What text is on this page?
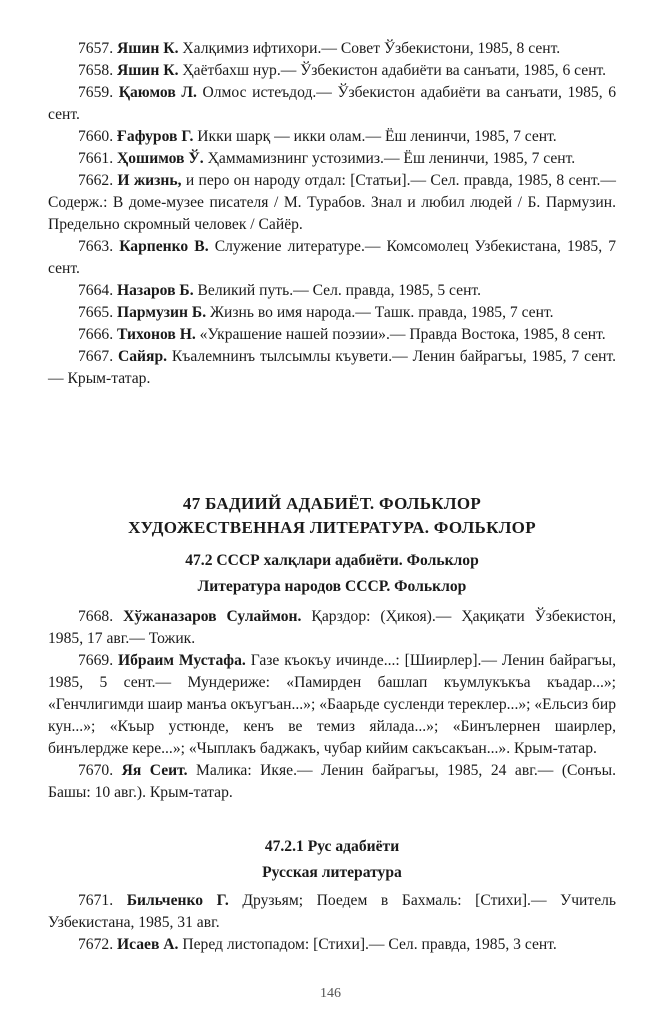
7657. Яшин К. Халқимиз ифтихори.— Совет Ўзбекистони, 1985, 8 сент.
7658. Яшин К. Ҳаётбахш нур.— Ўзбекистон адабиёти ва санъати, 1985, 6 сент.
7659. Қаюмов Л. Олмос истеъдод.— Ўзбекистон адабиёти ва санъати, 1985, 6 сент.
7660. Ғафуров Г. Икки шарқ — икки олам.— Ёш ленинчи, 1985, 7 сент.
7661. Ҳошимов Ў. Ҳаммамизнинг устозимиз.— Ёш ленинчи, 1985, 7 сент.
7662. И жизнь, и перо он народу отдал: [Статьи].— Сел. правда, 1985, 8 сент.— Содерж.: В доме-музее писателя / М. Турабов. Знал и любил людей / Б. Пармузин. Предельно скромный человек / Сайёр.
7663. Карпенко В. Служение литературе.— Комсомолец Узбекистана, 1985, 7 сент.
7664. Назаров Б. Великий путь.— Сел. правда, 1985, 5 сент.
7665. Пармузин Б. Жизнь во имя народа.— Ташк. правда, 1985, 7 сент.
7666. Тихонов Н. «Украшение нашей поэзии».— Правда Востока, 1985, 8 сент.
7667. Сайяр. Къалемнинъ тылсымлы къувети.— Ленин байрагъы, 1985, 7 сент.— Крым-татар.
47 БАДИИЙ АДАБИЁТ. ФОЛЬКЛОР
ХУДОЖЕСТВЕННАЯ ЛИТЕРАТУРА. ФОЛЬКЛОР
47.2 СССР халқлари адабиёти. Фольклор
Литература народов СССР. Фольклор
7668. Хўжаназаров Сулаймон. Қарздор: (Ҳикоя).— Ҳақиқати Ўзбекистон, 1985, 17 авг.— Тожик.
7669. Ибраим Мустафа. Газе къокъу ичинде...: [Шиирлер].— Ленин байрагъы, 1985, 5 сент.— Мундериже: «Памирден башлап къумлукъкъа къадар...»; «Генчлигимди шаир манъа окъугъан...»; «Баарьде сусленди тереклер...»; «Ельсиз бир кун...»; «Къыр устюнде, кенъ ве темиз яйлада...»; «Бинълернен шаирлер, бинълердже кере...»; «Чыплакъ баджакъ, чубар кийим сакъсакъан...». Крым-татар.
7670. Яя Сеит. Малика: Икяе.— Ленин байрагъы, 1985, 24 авг.— (Сонъы. Башы: 10 авг.). Крым-татар.
47.2.1 Рус адабиёти
Русская литература
7671. Бильченко Г. Друзьям; Поедем в Бахмаль: [Стихи].— Учитель Узбекистана, 1985, 31 авг.
7672. Исаев А. Перед листопадом: [Стихи].— Сел. правда, 1985, 3 сент.
146
